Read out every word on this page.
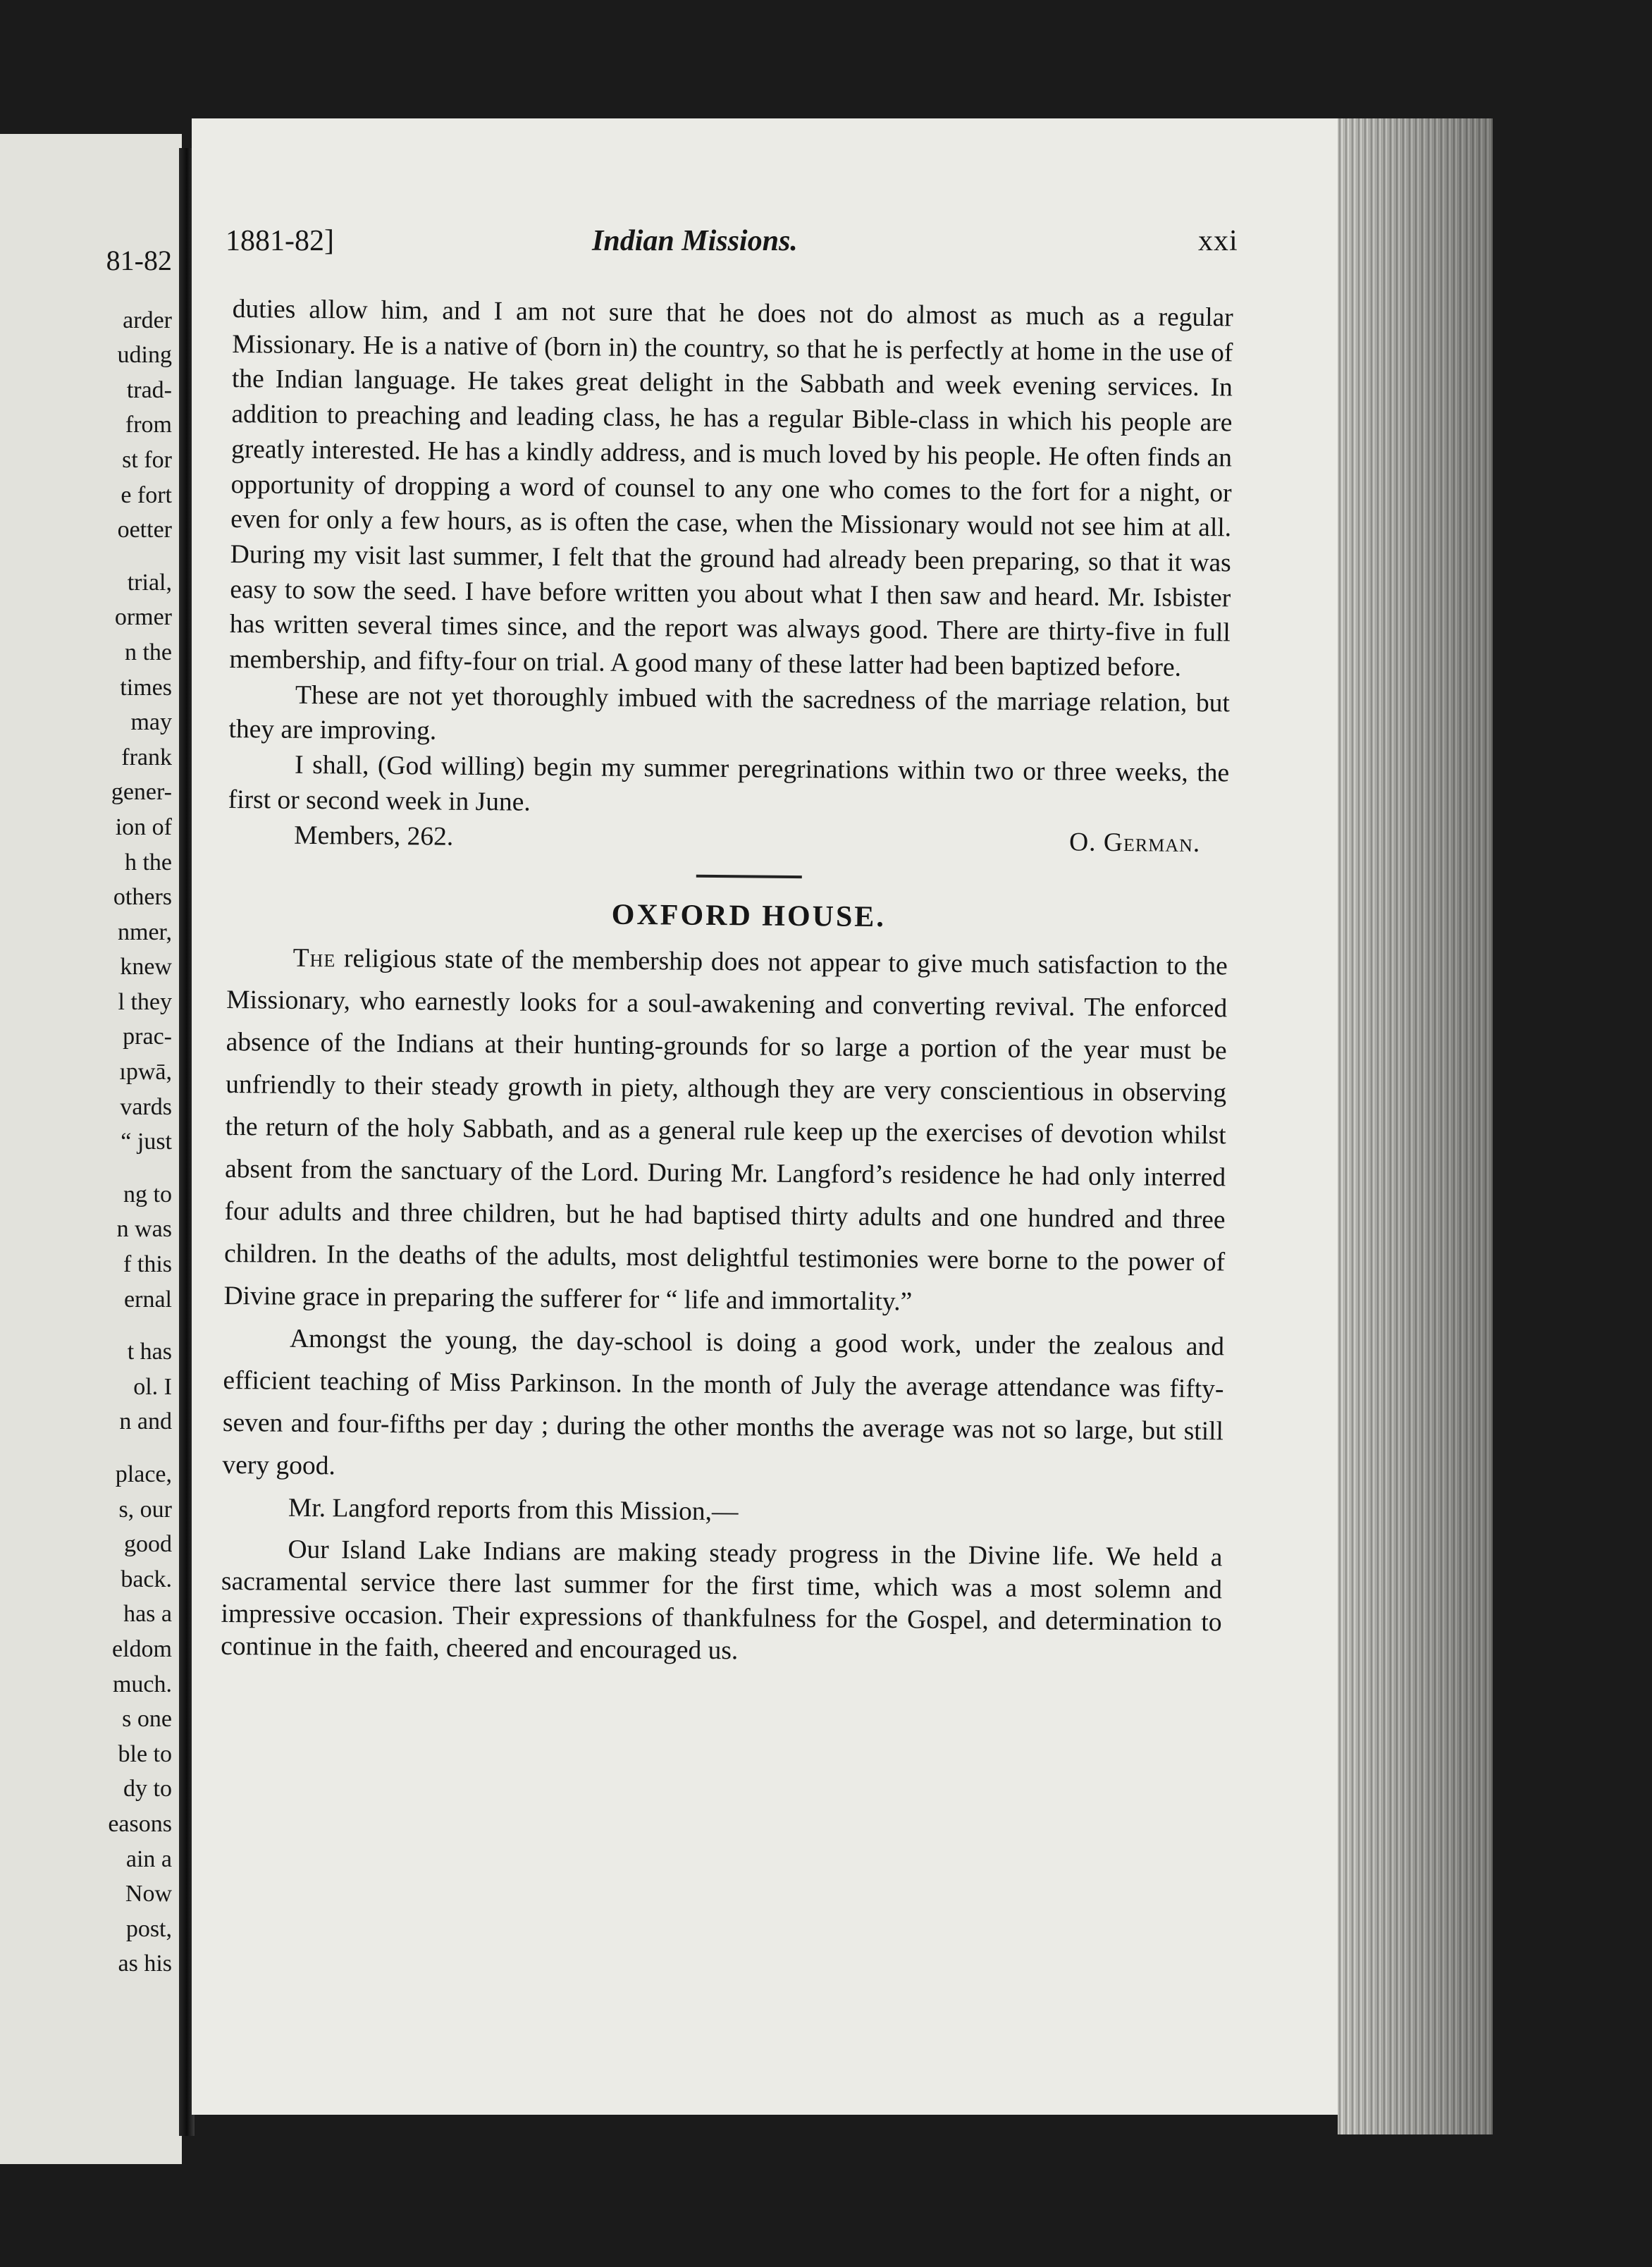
81-82
arder
uding
trad-
from
st for
e fort
oetter
trial,
ormer
n the
times
may
frank
gener-
ion of
h the
others
nmer,
knew
l they
prac-
ıpwā,
vards
“ just
ng to
n was
f this
ernal
t has
ol. I
n and
place,
s, our
good
back.
has a
eldom
much.
s one
ble to
dy to
easons
ain a
Now
post,
as his
1881-82]	Indian Missions.	xxi

duties allow him, and I am not sure that he does not do almost as much as a regular Missionary. He is a native of (born in) the country, so that he is perfectly at home in the use of the Indian language. He takes great delight in the Sabbath and week evening services. In addition to preaching and leading class, he has a regular Bible-class in which his people are greatly interested. He has a kindly address, and is much loved by his people. He often finds an opportunity of dropping a word of counsel to any one who comes to the fort for a night, or even for only a few hours, as is often the case, when the Missionary would not see him at all. During my visit last summer, I felt that the ground had already been preparing, so that it was easy to sow the seed. I have before written you about what I then saw and heard. Mr. Isbister has written several times since, and the report was always good. There are thirty-five in full membership, and fifty-four on trial. A good many of these latter had been baptized before.

These are not yet thoroughly imbued with the sacredness of the marriage relation, but they are improving.

I shall, (God willing) begin my summer peregrinations within two or three weeks, the first or second week in June.

Members, 262.	O. German.
OXFORD HOUSE.

The religious state of the membership does not appear to give much satisfaction to the Missionary, who earnestly looks for a soul-awakening and converting revival. The enforced absence of the Indians at their hunting-grounds for so large a portion of the year must be unfriendly to their steady growth in piety, although they are very conscientious in observing the return of the holy Sabbath, and as a general rule keep up the exercises of devotion whilst absent from the sanctuary of the Lord. During Mr. Langford’s residence he had only interred four adults and three children, but he had baptised thirty adults and one hundred and three children. In the deaths of the adults, most delightful testimonies were borne to the power of Divine grace in preparing the sufferer for “ life and immortality.”

Amongst the young, the day-school is doing a good work, under the zealous and efficient teaching of Miss Parkinson. In the month of July the average attendance was fifty-seven and four-fifths per day ; during the other months the average was not so large, but still very good.

Mr. Langford reports from this Mission,—

Our Island Lake Indians are making steady progress in the Divine life. We held a sacramental service there last summer for the first time, which was a most solemn and impressive occasion. Their expressions of thankfulness for the Gospel, and determination to continue in the faith, cheered and encouraged us.
